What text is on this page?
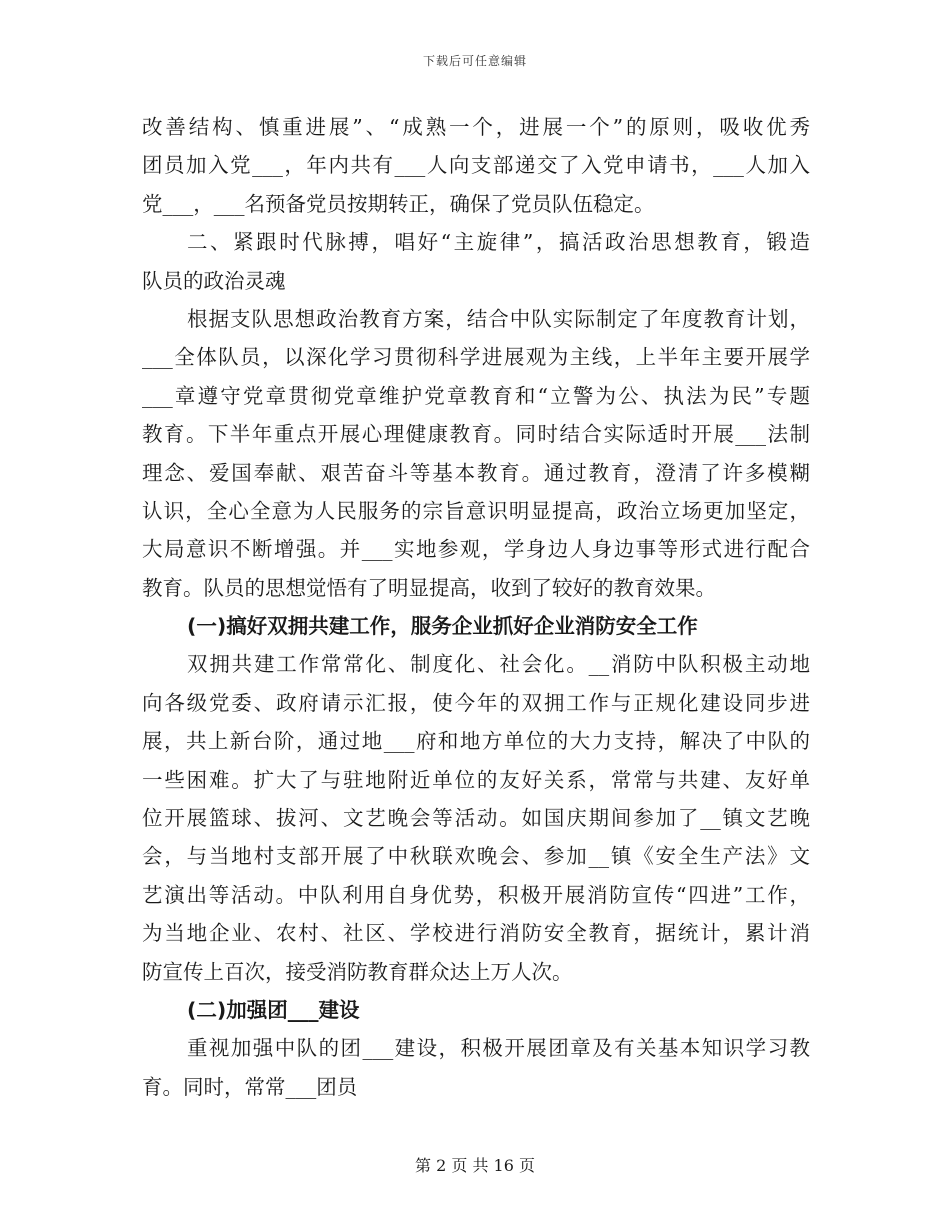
下载后可任意编辑
改善结构、慎重进展”、“成熟一个，进展一个”的原则，吸收优秀
团员加入党___，年内共有___人向支部递交了入党申请书，___人加入
党___，___名预备党员按期转正，确保了党员队伍稳定。
二、紧跟时代脉搏，唱好“主旋律”，搞活政治思想教育，锻造
队员的政治灵魂
根据支队思想政治教育方案，结合中队实际制定了年度教育计划，
___全体队员，以深化学习贯彻科学进展观为主线，上半年主要开展学
___章遵守党章贯彻党章维护党章教育和“立警为公、执法为民”专题
教育。下半年重点开展心理健康教育。同时结合实际适时开展___法制
理念、爱国奉献、艰苦奋斗等基本教育。通过教育，澄清了许多模糊
认识，全心全意为人民服务的宗旨意识明显提高，政治立场更加坚定，
大局意识不断增强。并___实地参观，学身边人身边事等形式进行配合
教育。队员的思想觉悟有了明显提高，收到了较好的教育效果。
(一)搞好双拥共建工作，服务企业抓好企业消防安全工作
双拥共建工作常常化、制度化、社会化。__消防中队积极主动地
向各级党委、政府请示汇报，使今年的双拥工作与正规化建设同步进
展，共上新台阶，通过地___府和地方单位的大力支持，解决了中队的
一些困难。扩大了与驻地附近单位的友好关系，常常与共建、友好单
位开展篮球、拔河、文艺晚会等活动。如国庆期间参加了__镇文艺晚
会，与当地村支部开展了中秋联欢晚会、参加__镇《安全生产法》文
艺演出等活动。中队利用自身优势，积极开展消防宣传“四进”工作，
为当地企业、农村、社区、学校进行消防安全教育，据统计，累计消
防宣传上百次，接受消防教育群众达上万人次。
(二)加强团___建设
重视加强中队的团___建设，积极开展团章及有关基本知识学习教
育。同时，常常___团员
第 2 页 共 16 页
